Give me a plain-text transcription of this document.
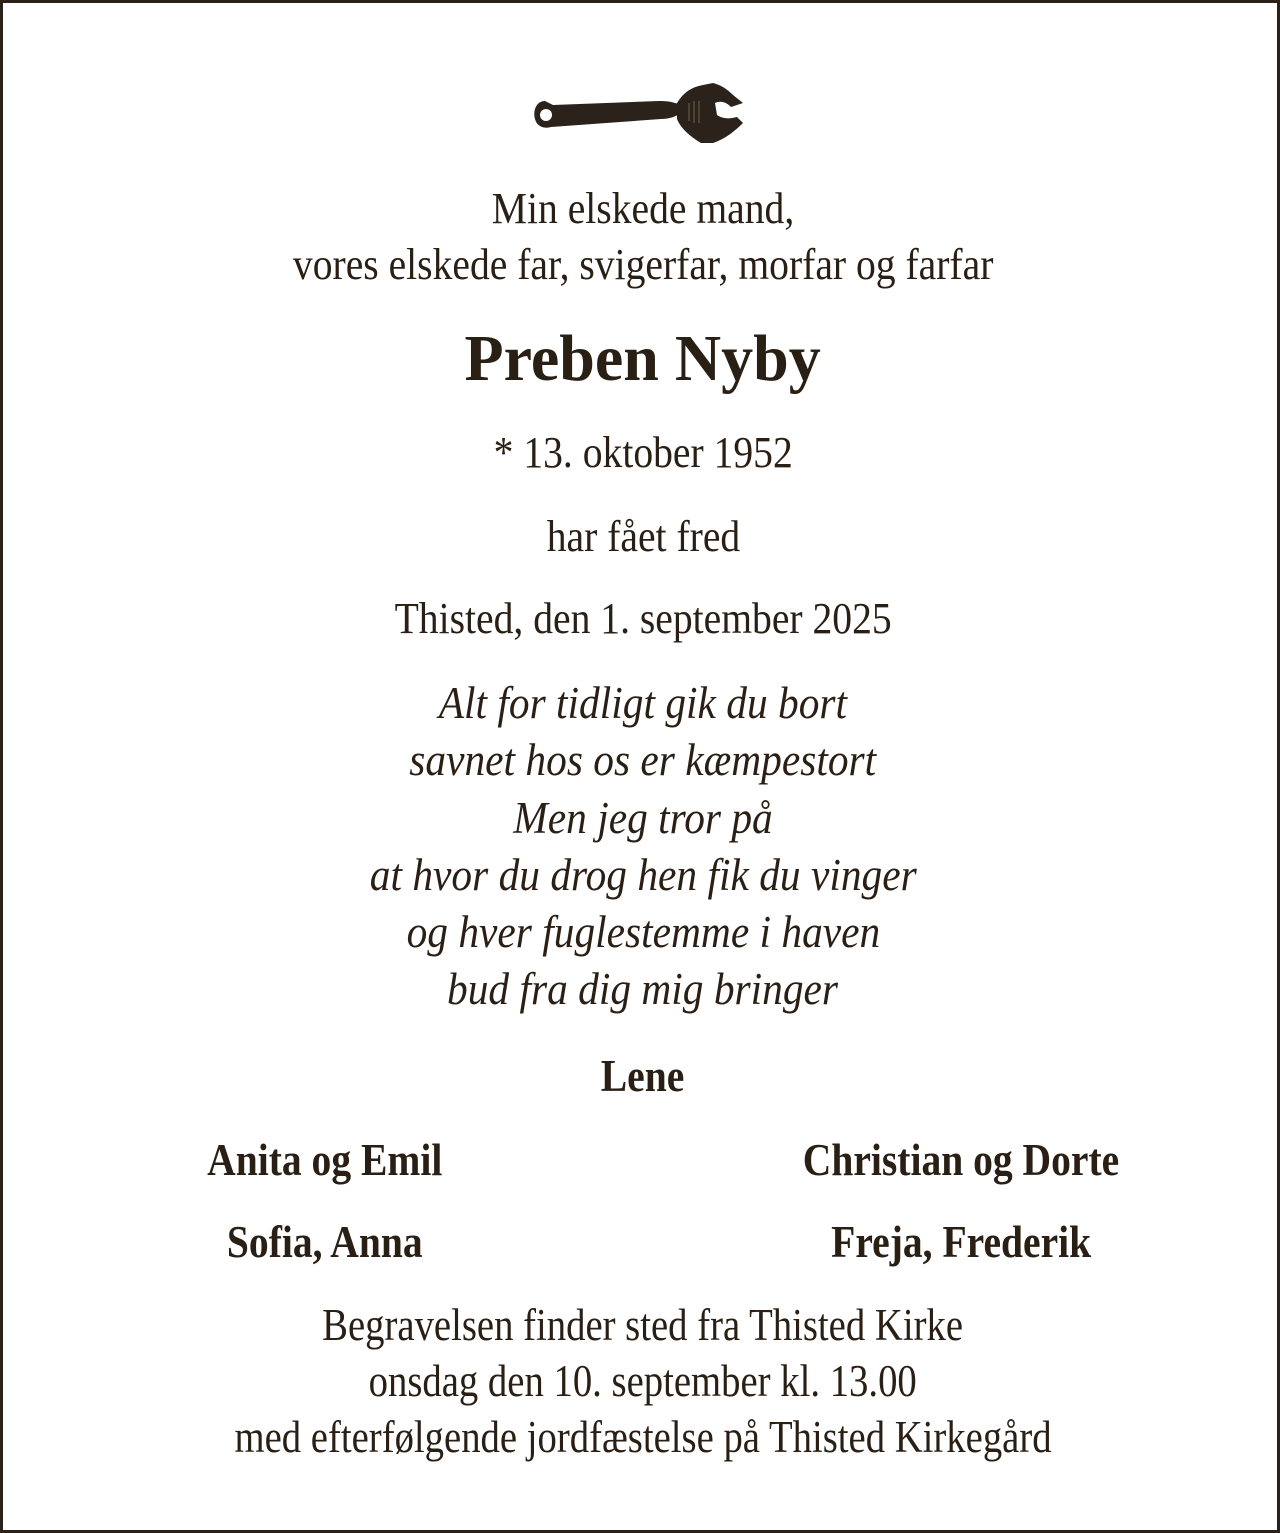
Min elskede mand,
vores elskede far, svigerfar, morfar og farfar
Preben Nyby
* 13. oktober 1952
har fået fred
Thisted, den 1. september 2025
Alt for tidligt gik du bort
savnet hos os er kæmpestort
Men jeg tror på
at hvor du drog hen fik du vinger
og hver fuglestemme i haven
bud fra dig mig bringer
Lene
Anita og Emil	Christian og Dorte
Sofia, Anna	Freja, Frederik
Begravelsen finder sted fra Thisted Kirke
onsdag den 10. september kl. 13.00
med efterfølgende jordfæstelse på Thisted Kirkegård
